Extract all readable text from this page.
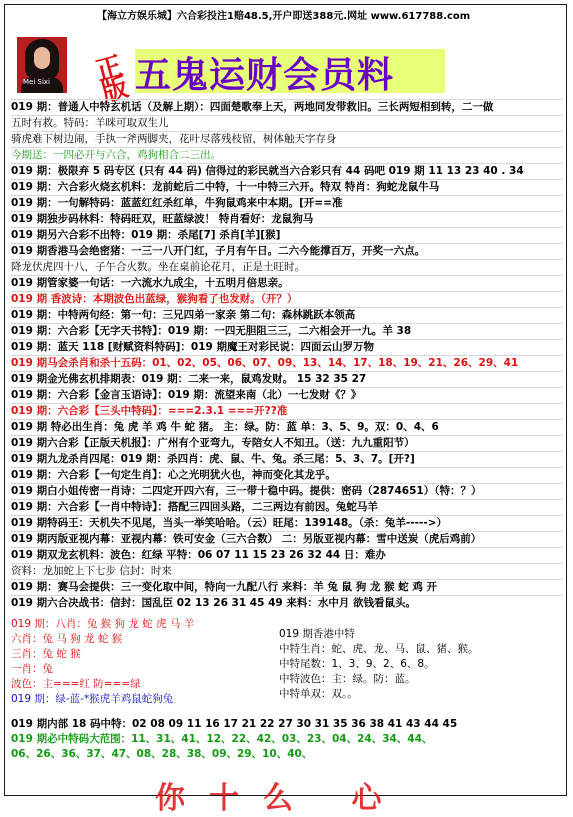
【海立方娱乐城】六合彩投注1赔48.5,开户即送388元.网址 www.617788.com
Mei Sixi 正版 五鬼运财会员料
019 期：普通人中特玄机话（及解上期）：四面楚歌奉上天，两地同发带救旧。三长两短相到转，二一做
五时有救。特码：羊咪可取双生儿
骑虎难下树边闹，手执一斧两脚夹，花叶尽落残枝留，树体触天字存身
今期送：一四必开与六合，鸡狗相合二三出。
019 期：极限弃 5 码专区 (只有 44 码) 信得过的彩民就当六合彩只有 44 码吧 019 期 11 13 23 40 . 34
019 期：六合彩火烧玄机料：龙前蛇后二中特，十一中特三六开。特双 特肖：狗蛇龙鼠牛马
019 期：一句解特码：蓝蓝红红杀红单，牛狗鼠鸡来中本期。[开==准
019 期独步码林料：特码旺双，旺蓝绿波！ 特肖看好：龙鼠狗马
019 期另六合彩不出特：019 期：杀尾[7] 杀肖[羊][猴]
019 期香港马会绝密猪：一三一八开门红，子月有午日。二六今能撑百万，开奖一六点。
降龙伏虎四十八，子午合火数。坐在桌前论花月，正是土旺时。
019 期管家婆一句话：一六流水九成尘，十五明月倍思亲。
019 期 香波诗：本期波色出蓝绿，猴狗看了也发财。（开？）
019 期：中特两句经：第一句：三兄四弟一家亲 第二句：森林跳跃本领高
019 期：六合彩【无字天书特】：019 期：一四无胆阻三三，二六相会开一九。羊 38
019 期：蓝天 118 [财赋资料特码]：019 期魔王对彩民说：四面云山罗万物
019 期马会杀肖和杀十五码：01、02、05、06、07、09、13、14、17、18、19、21、26、29、41
019 期金光佛玄机排期表：019 期：二来一来，鼠鸡发财。 15 32 35 27
019 期：六合彩【金言玉语诗】：019 期：流望来南（北）一七发财《？》
019 期：六合彩【三头中特码】：===2.3.1 ===开??准
019 期 特必出生肖：兔 虎 羊 鸡 牛 蛇 猪。 主：绿。防：蓝 单：3、5、9。双：0、4、6
019 期六合彩【正版天机报】：广州有个亚弯九，专陪女人不知丑。（送：九九重阳节）
019 期九龙杀肖四尾：019 期：杀四肖：虎、鼠、牛、兔。杀三尾：5、3、7。[开?]
019 期：六合彩【一句定生肖】：心之光明犹火也，神而变化其龙乎。
019 期白小姐传密一肖诗：二四定开四六有，三一带十稳中码。提供：密码（2874651）（特：？）
019 期：六合彩【一肖中特诗】：搭配三四回头路，二三两边有前因。兔蛇马羊
019 期特码王：天机失不见尾，当头一举笑哈哈。（云）旺尾：139148。（杀：兔羊----->）
019 期丙版亚视内幕：亚视内幕：铁可安金（三六合数） 二：另版亚视内幕：雪中送炭（虎后鸡前）
019 期双龙玄机料：波色：红绿 平特：06 07 11 15 23 26 32 44 日：难办
资料：龙加蛇上下七步 信封：时来
019 期：赛马会提供：三一变化取中间，特向一九配八行 来料：羊 兔 鼠 狗 龙 猴 蛇 鸡 开
019 期六合决战书：信封：国乱臣 02 13 26 31 45 49 来料：水中月 欲钱看鼠头。
019 期：八肖：兔 猴 狗 龙 蛇 虎 马 羊
六肖：兔 马 狗 龙 蛇 猴
三肖：兔 蛇 猴
一肖：兔
波色：主===红 防===绿
019 期：绿-蓝-*猴虎羊鸡鼠蛇狗兔
019 期香港中特
中特生肖：蛇、虎、龙、马、鼠、猪、猴。
中特尾数：1、3、9、2、6、8。
中特波色：主：绿。防：蓝。
中特单双：双。。
019 期内部 18 码中特：02 08 09 11 16 17 21 22 27 30 31 35 36 38 41 43 44 45
019 期必中特码大范围：11、31、41、12、22、42、03、23、04、24、34、44、
06、26、36、37、47、08、28、38、09、29、10、40、
你十么 心
